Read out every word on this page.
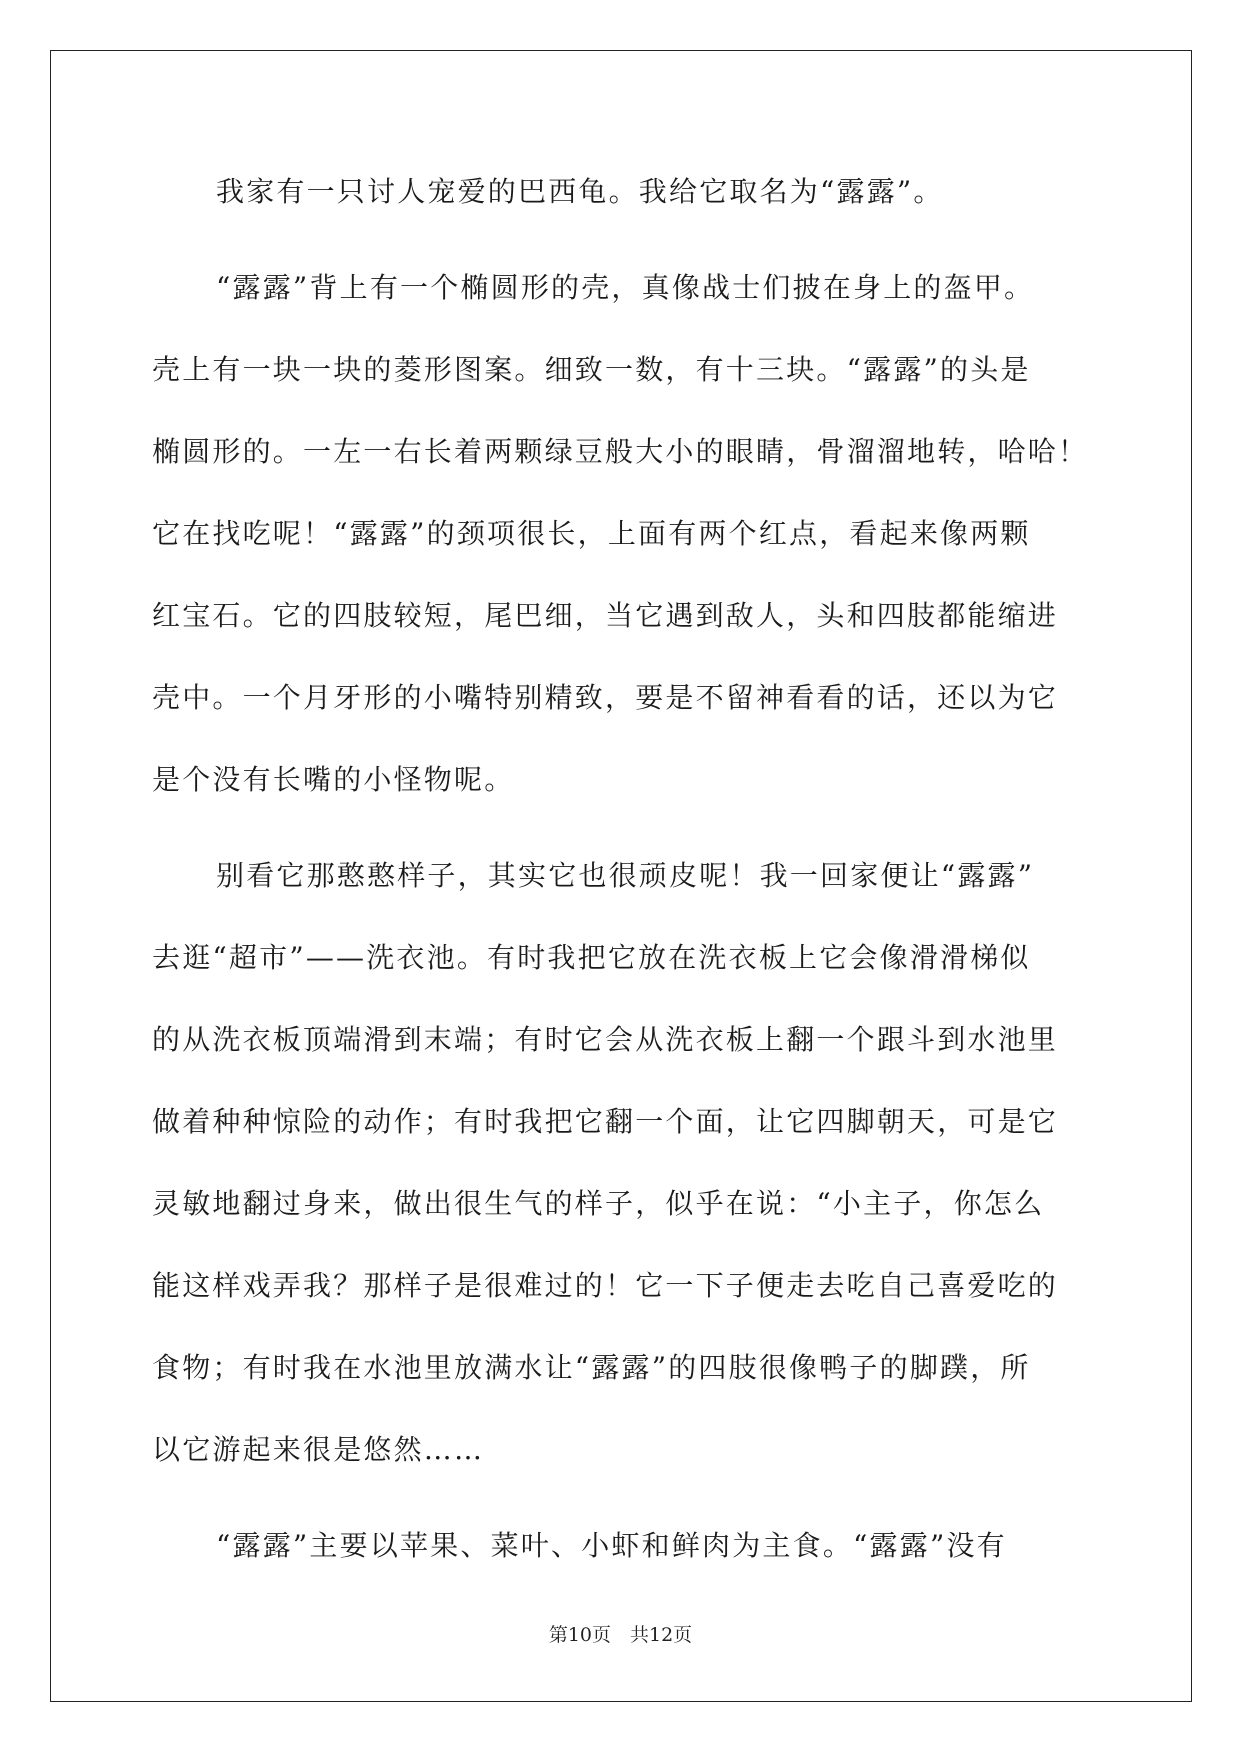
我家有一只讨人宠爱的巴西龟。我给它取名为“露露”。
“露露”背上有一个椭圆形的壳，真像战士们披在身上的盔甲。
壳上有一块一块的菱形图案。细致一数，有十三块。“露露”的头是
椭圆形的。一左一右长着两颗绿豆般大小的眼睛，骨溜溜地转，哈哈！
它在找吃呢！“露露”的颈项很长，上面有两个红点，看起来像两颗
红宝石。它的四肢较短，尾巴细，当它遇到敌人，头和四肢都能缩进
壳中。一个月牙形的小嘴特别精致，要是不留神看看的话，还以为它
是个没有长嘴的小怪物呢。
别看它那憨憨样子，其实它也很顽皮呢！我一回家便让“露露”
去逛“超市”——洗衣池。有时我把它放在洗衣板上它会像滑滑梯似
的从洗衣板顶端滑到末端；有时它会从洗衣板上翻一个跟斗到水池里
做着种种惊险的动作；有时我把它翻一个面，让它四脚朝天，可是它
灵敏地翻过身来，做出很生气的样子，似乎在说：“小主子，你怎么
能这样戏弄我？那样子是很难过的！它一下子便走去吃自己喜爱吃的
食物；有时我在水池里放满水让“露露”的四肢很像鸭子的脚蹼，所
以它游起来很是悠然……
“露露”主要以苹果、菜叶、小虾和鲜肉为主食。“露露”没有
第10页　共12页
